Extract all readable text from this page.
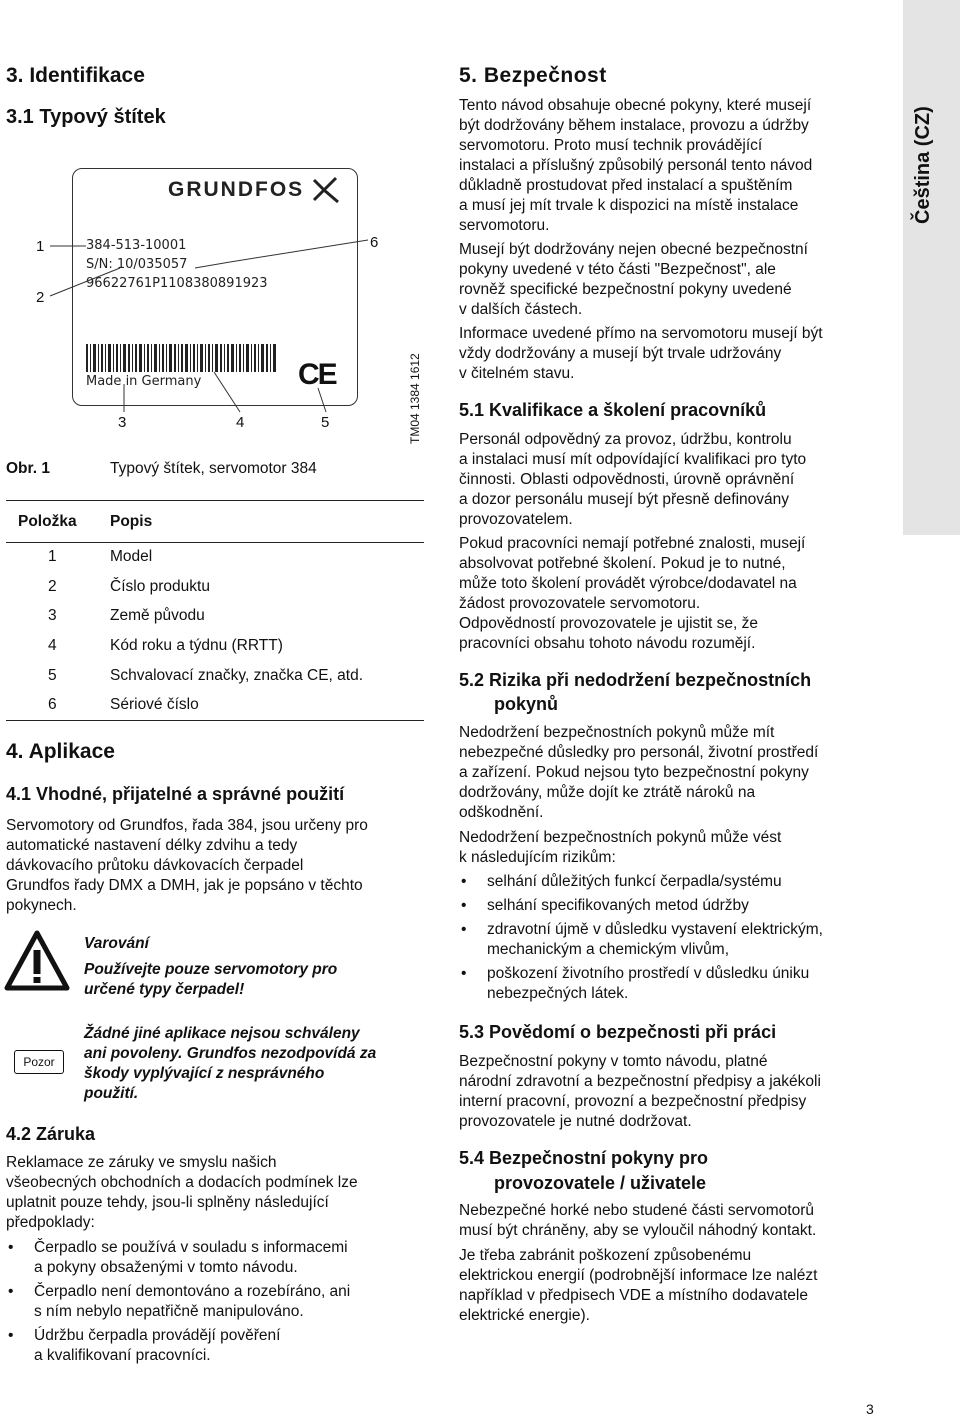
Čeština (CZ)
3. Identifikace
3.1 Typový štítek
GRUNDFOS
384-513-10001
S/N: 10/035057
96622761P1108380891923
Made in Germany	CE
1
2
3	4	5
6
TM04 1384 1612
Obr. 1	Typový štítek, servomotor 384
Položka Popis
1	Model
2	Číslo produktu
3	Země původu
4	Kód roku a týdnu (RRTT)
5	Schvalovací značky, značka CE, atd.
6	Sériové číslo
4. Aplikace
4.1 Vhodné, přijatelné a správné použití

Servomotory od Grundfos, řada 384, jsou určeny pro

automatické nastavení délky zdvihu a tedy

dávkovacího průtoku dávkovacích čerpadel

Grundfos řady DMX a DMH, jak je popsáno v těchto

pokynech.

Varování
Používejte pouze servomotory pro
určené typy čerpadel!
Žádné jiné aplikace nejsou schváleny
ani povoleny. Grundfos nezodpovídá za
škody vyplývající z nesprávného
použití.
Pozor
4.2 Záruka

Reklamace ze záruky ve smyslu našich

všeobecných obchodních a dodacích podmínek lze

uplatnit pouze tehdy, jsou-li splněny následující

předpoklady:

• Čerpadlo se používá v souladu s informacemi

a pokyny obsaženými v tomto návodu.

• Čerpadlo není demontováno a rozebíráno, ani

s ním nebylo nepatřičně manipulováno.

• Údržbu čerpadla provádějí pověření

a kvalifikovaní pracovníci.

5. Bezpečnost

Tento návod obsahuje obecné pokyny, které musejí

být dodržovány během instalace, provozu a údržby

servomotoru. Proto musí technik provádějící

instalaci a příslušný způsobilý personál tento návod

důkladně prostudovat před instalací a spuštěním

a musí jej mít trvale k dispozici na místě instalace

servomotoru.

Musejí být dodržovány nejen obecné bezpečnostní

pokyny uvedené v této části "Bezpečnost", ale

rovněž specifické bezpečnostní pokyny uvedené

v dalších částech.

Informace uvedené přímo na servomotoru musejí být

vždy dodržovány a musejí být trvale udržovány

v čitelném stavu.

5.1 Kvalifikace a školení pracovníků

Personál odpovědný za provoz, údržbu, kontrolu

a instalaci musí mít odpovídající kvalifikaci pro tyto

činnosti. Oblasti odpovědnosti, úrovně oprávnění

a dozor personálu musejí být přesně definovány

provozovatelem.

Pokud pracovníci nemají potřebné znalosti, musejí

absolvovat potřebné školení. Pokud je to nutné,

může toto školení provádět výrobce/dodavatel na

žádost provozovatele servomotoru.

Odpovědností provozovatele je ujistit se, že

pracovníci obsahu tohoto návodu rozumějí.

5.2 Rizika při nedodržení bezpečnostních
pokynů

Nedodržení bezpečnostních pokynů může mít

nebezpečné důsledky pro personál, životní prostředí

a zařízení. Pokud nejsou tyto bezpečnostní pokyny

dodržovány, může dojít ke ztrátě nároků na

odškodnění.

Nedodržení bezpečnostních pokynů může vést

k následujícím rizikům:

• selhání důležitých funkcí čerpadla/systému

• selhání specifikovaných metod údržby

• zdravotní újmě v důsledku vystavení elektrickým,

mechanickým a chemickým vlivům,

• poškození životního prostředí v důsledku úniku

nebezpečných látek.

5.3 Povědomí o bezpečnosti při práci

Bezpečnostní pokyny v tomto návodu, platné

národní zdravotní a bezpečnostní předpisy a jakékoli

interní pracovní, provozní a bezpečnostní předpisy

provozovatele je nutné dodržovat.

5.4 Bezpečnostní pokyny pro
provozovatele / uživatele

Nebezpečné horké nebo studené části servomotorů

musí být chráněny, aby se vyloučil náhodný kontakt.

Je třeba zabránit poškození způsobenému

elektrickou energií (podrobnější informace lze nalézt

například v předpisech VDE a místního dodavatele

elektrické energie).

3
